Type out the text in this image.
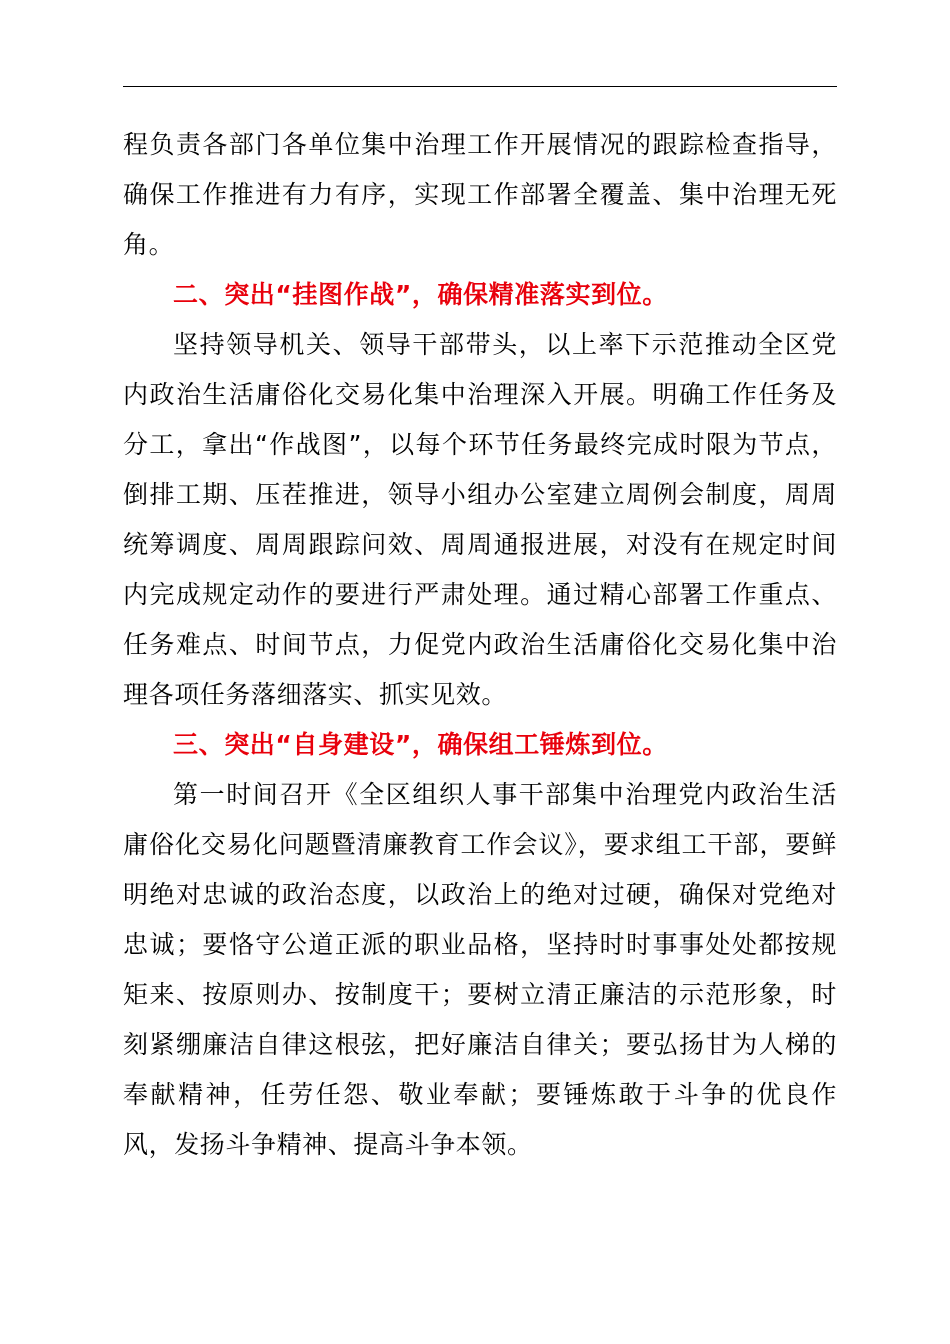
程负责各部门各单位集中治理工作开展情况的跟踪检查指导，确保工作推进有力有序，实现工作部署全覆盖、集中治理无死角。

二、突出“挂图作战”，确保精准落实到位。

坚持领导机关、领导干部带头，以上率下示范推动全区党内政治生活庸俗化交易化集中治理深入开展。明确工作任务及分工，拿出“作战图”，以每个环节任务最终完成时限为节点，倒排工期、压茬推进，领导小组办公室建立周例会制度，周周统筹调度、周周跟踪问效、周周通报进展，对没有在规定时间内完成规定动作的要进行严肃处理。通过精心部署工作重点、任务难点、时间节点，力促党内政治生活庸俗化交易化集中治理各项任务落细落实、抓实见效。

三、突出“自身建设”，确保组工锤炼到位。

第一时间召开《全区组织人事干部集中治理党内政治生活庸俗化交易化问题暨清廉教育工作会议》，要求组工干部，要鲜明绝对忠诚的政治态度，以政治上的绝对过硬，确保对党绝对忠诚；要恪守公道正派的职业品格，坚持时时事事处处都按规矩来、按原则办、按制度干；要树立清正廉洁的示范形象，时刻紧绷廉洁自律这根弦，把好廉洁自律关；要弘扬甘为人梯的奉献精神，任劳任怨、敬业奉献；要锤炼敢于斗争的优良作风，发扬斗争精神、提高斗争本领。
